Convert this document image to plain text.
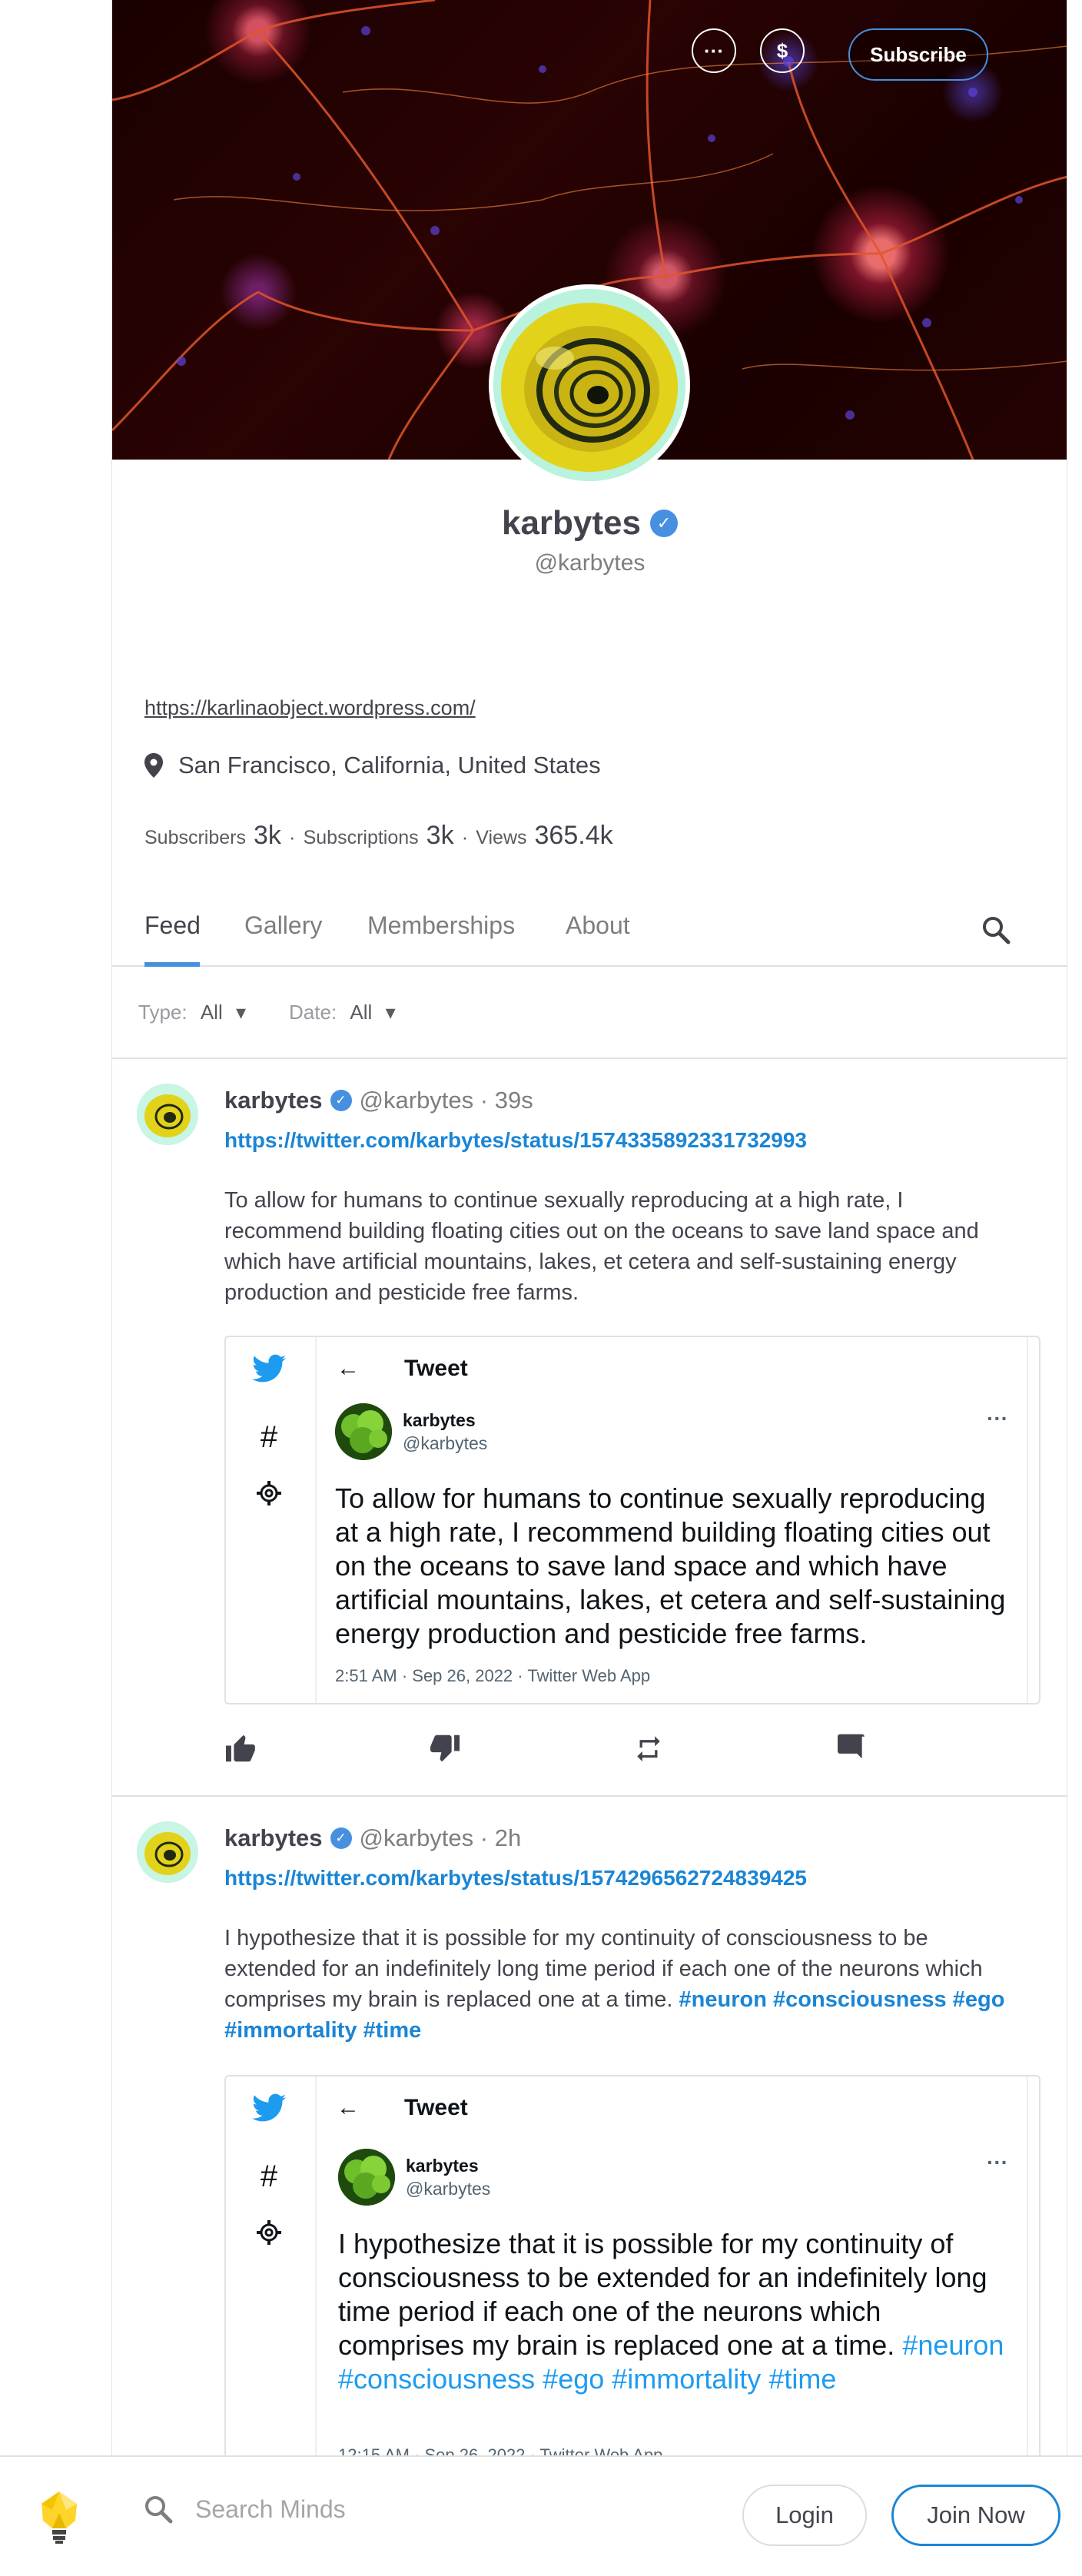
···	$	Subscribe
karbytes ✓
@karbytes
https://karlinaobject.wordpress.com/
San Francisco, California, United States
Subscribers 3k · Subscriptions 3k · Views 365.4k
Feed Gallery Memberships About
Type: All ▾ Date: All ▾
karbytes ✓ @karbytes · 39s
https://twitter.com/karbytes/status/1574335892331732993
To allow for humans to continue sexually reproducing at a high rate, I recommend building floating cities out on the oceans to save land space and which have artificial mountains, lakes, et cetera and self-sustaining energy production and pesticide free farms.
#
← Tweet
karbytes
@karbytes
···
To allow for humans to continue sexually reproducing at a high rate, I recommend building floating cities out on the oceans to save land space and which have artificial mountains, lakes, et cetera and self-sustaining energy production and pesticide free farms.
2:51 AM · Sep 26, 2022 · Twitter Web App
karbytes ✓ @karbytes · 2h
https://twitter.com/karbytes/status/1574296562724839425
I hypothesize that it is possible for my continuity of consciousness to be extended for an indefinitely long time period if each one of the neurons which comprises my brain is replaced one at a time. #neuron #consciousness #ego #immortality #time
#
← Tweet
karbytes
@karbytes
···
I hypothesize that it is possible for my continuity of consciousness to be extended for an indefinitely long time period if each one of the neurons which comprises my brain is replaced one at a time. #neuron #consciousness #ego #immortality #time
Search Minds	Login	Join Now
